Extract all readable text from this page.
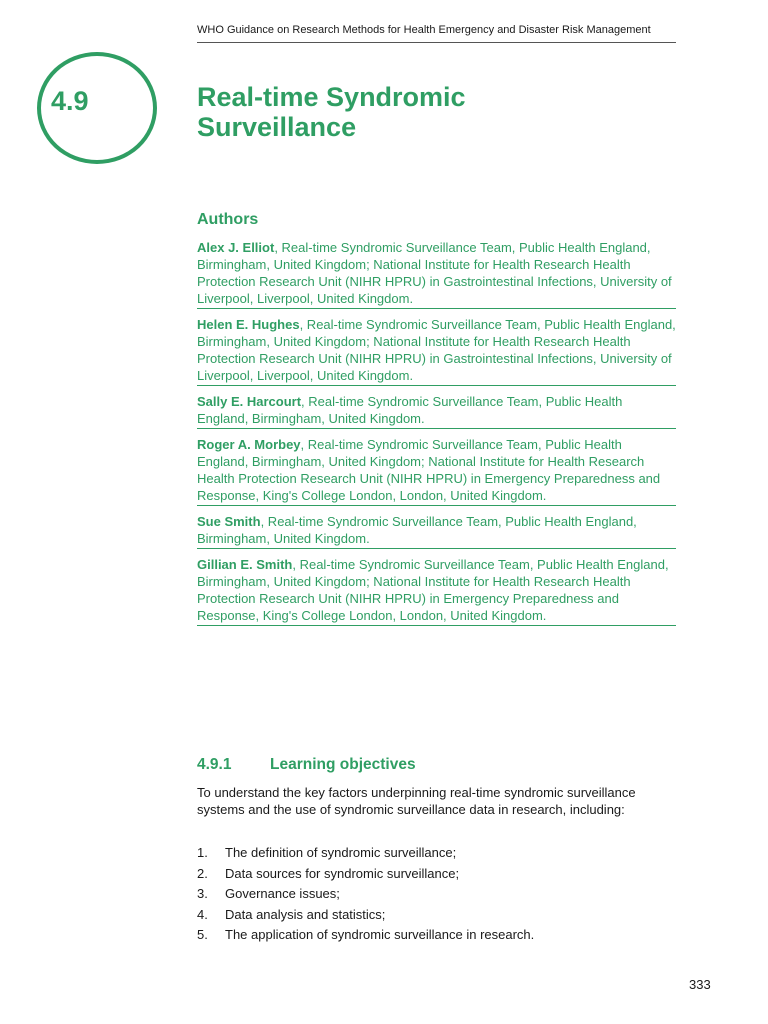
WHO Guidance on Research Methods for Health Emergency and Disaster Risk Management
4.9	Real-time Syndromic Surveillance
Authors
Alex J. Elliot, Real-time Syndromic Surveillance Team, Public Health England, Birmingham, United Kingdom; National Institute for Health Research Health Protection Research Unit (NIHR HPRU) in Gastrointestinal Infections, University of Liverpool, Liverpool, United Kingdom.
Helen E. Hughes, Real-time Syndromic Surveillance Team, Public Health England, Birmingham, United Kingdom; National Institute for Health Research Health Protection Research Unit (NIHR HPRU) in Gastrointestinal Infections, University of Liverpool, Liverpool, United Kingdom.
Sally E. Harcourt, Real-time Syndromic Surveillance Team, Public Health England, Birmingham, United Kingdom.
Roger A. Morbey, Real-time Syndromic Surveillance Team, Public Health England, Birmingham, United Kingdom; National Institute for Health Research Health Protection Research Unit (NIHR HPRU) in Emergency Preparedness and Response, King's College London, London, United Kingdom.
Sue Smith, Real-time Syndromic Surveillance Team, Public Health England, Birmingham, United Kingdom.
Gillian E. Smith, Real-time Syndromic Surveillance Team, Public Health England, Birmingham, United Kingdom; National Institute for Health Research Health Protection Research Unit (NIHR HPRU) in Emergency Preparedness and Response, King's College London, London, United Kingdom.
4.9.1 Learning objectives
To understand the key factors underpinning real-time syndromic surveillance systems and the use of syndromic surveillance data in research, including:
1. The definition of syndromic surveillance;
2. Data sources for syndromic surveillance;
3. Governance issues;
4. Data analysis and statistics;
5. The application of syndromic surveillance in research.
333
